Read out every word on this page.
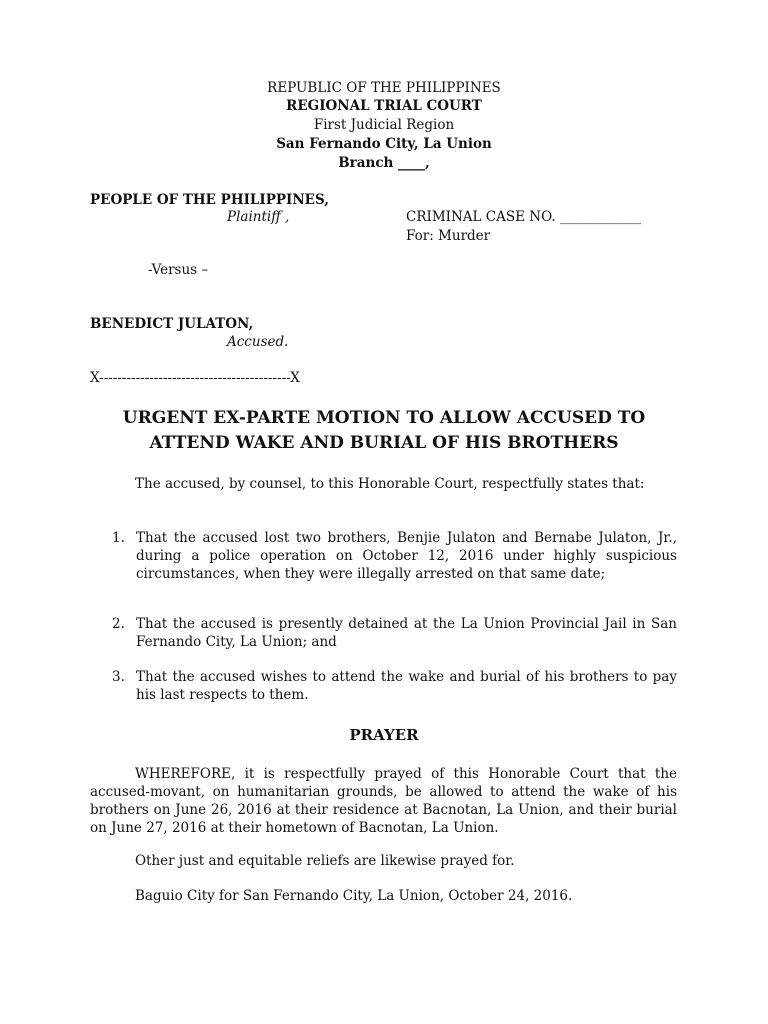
REPUBLIC OF THE PHILIPPINES
REGIONAL TRIAL COURT
First Judicial Region
San Fernando City, La Union
Branch ____,
PEOPLE OF THE PHILIPPINES,
Plaintiff ,	CRIMINAL CASE NO. ____________
For: Murder
-Versus –
BENEDICT JULATON,
Accused.
X------------------------------------------X
URGENT EX-PARTE MOTION TO ALLOW ACCUSED TO
ATTEND WAKE AND BURIAL OF HIS BROTHERS
The accused, by counsel, to this Honorable Court, respectfully states that:
1. That the accused lost two brothers, Benjie Julaton and Bernabe Julaton, Jr., during a police operation on October 12, 2016 under highly suspicious circumstances, when they were illegally arrested on that same date;
2. That the accused is presently detained at the La Union Provincial Jail in San Fernando City, La Union; and
3. That the accused wishes to attend the wake and burial of his brothers to pay his last respects to them.
PRAYER
WHEREFORE, it is respectfully prayed of this Honorable Court that the accused-movant, on humanitarian grounds, be allowed to attend the wake of his brothers on June 26, 2016 at their residence at Bacnotan, La Union, and their burial on June 27, 2016 at their hometown of Bacnotan, La Union.
Other just and equitable reliefs are likewise prayed for.
Baguio City for San Fernando City, La Union, October 24, 2016.
